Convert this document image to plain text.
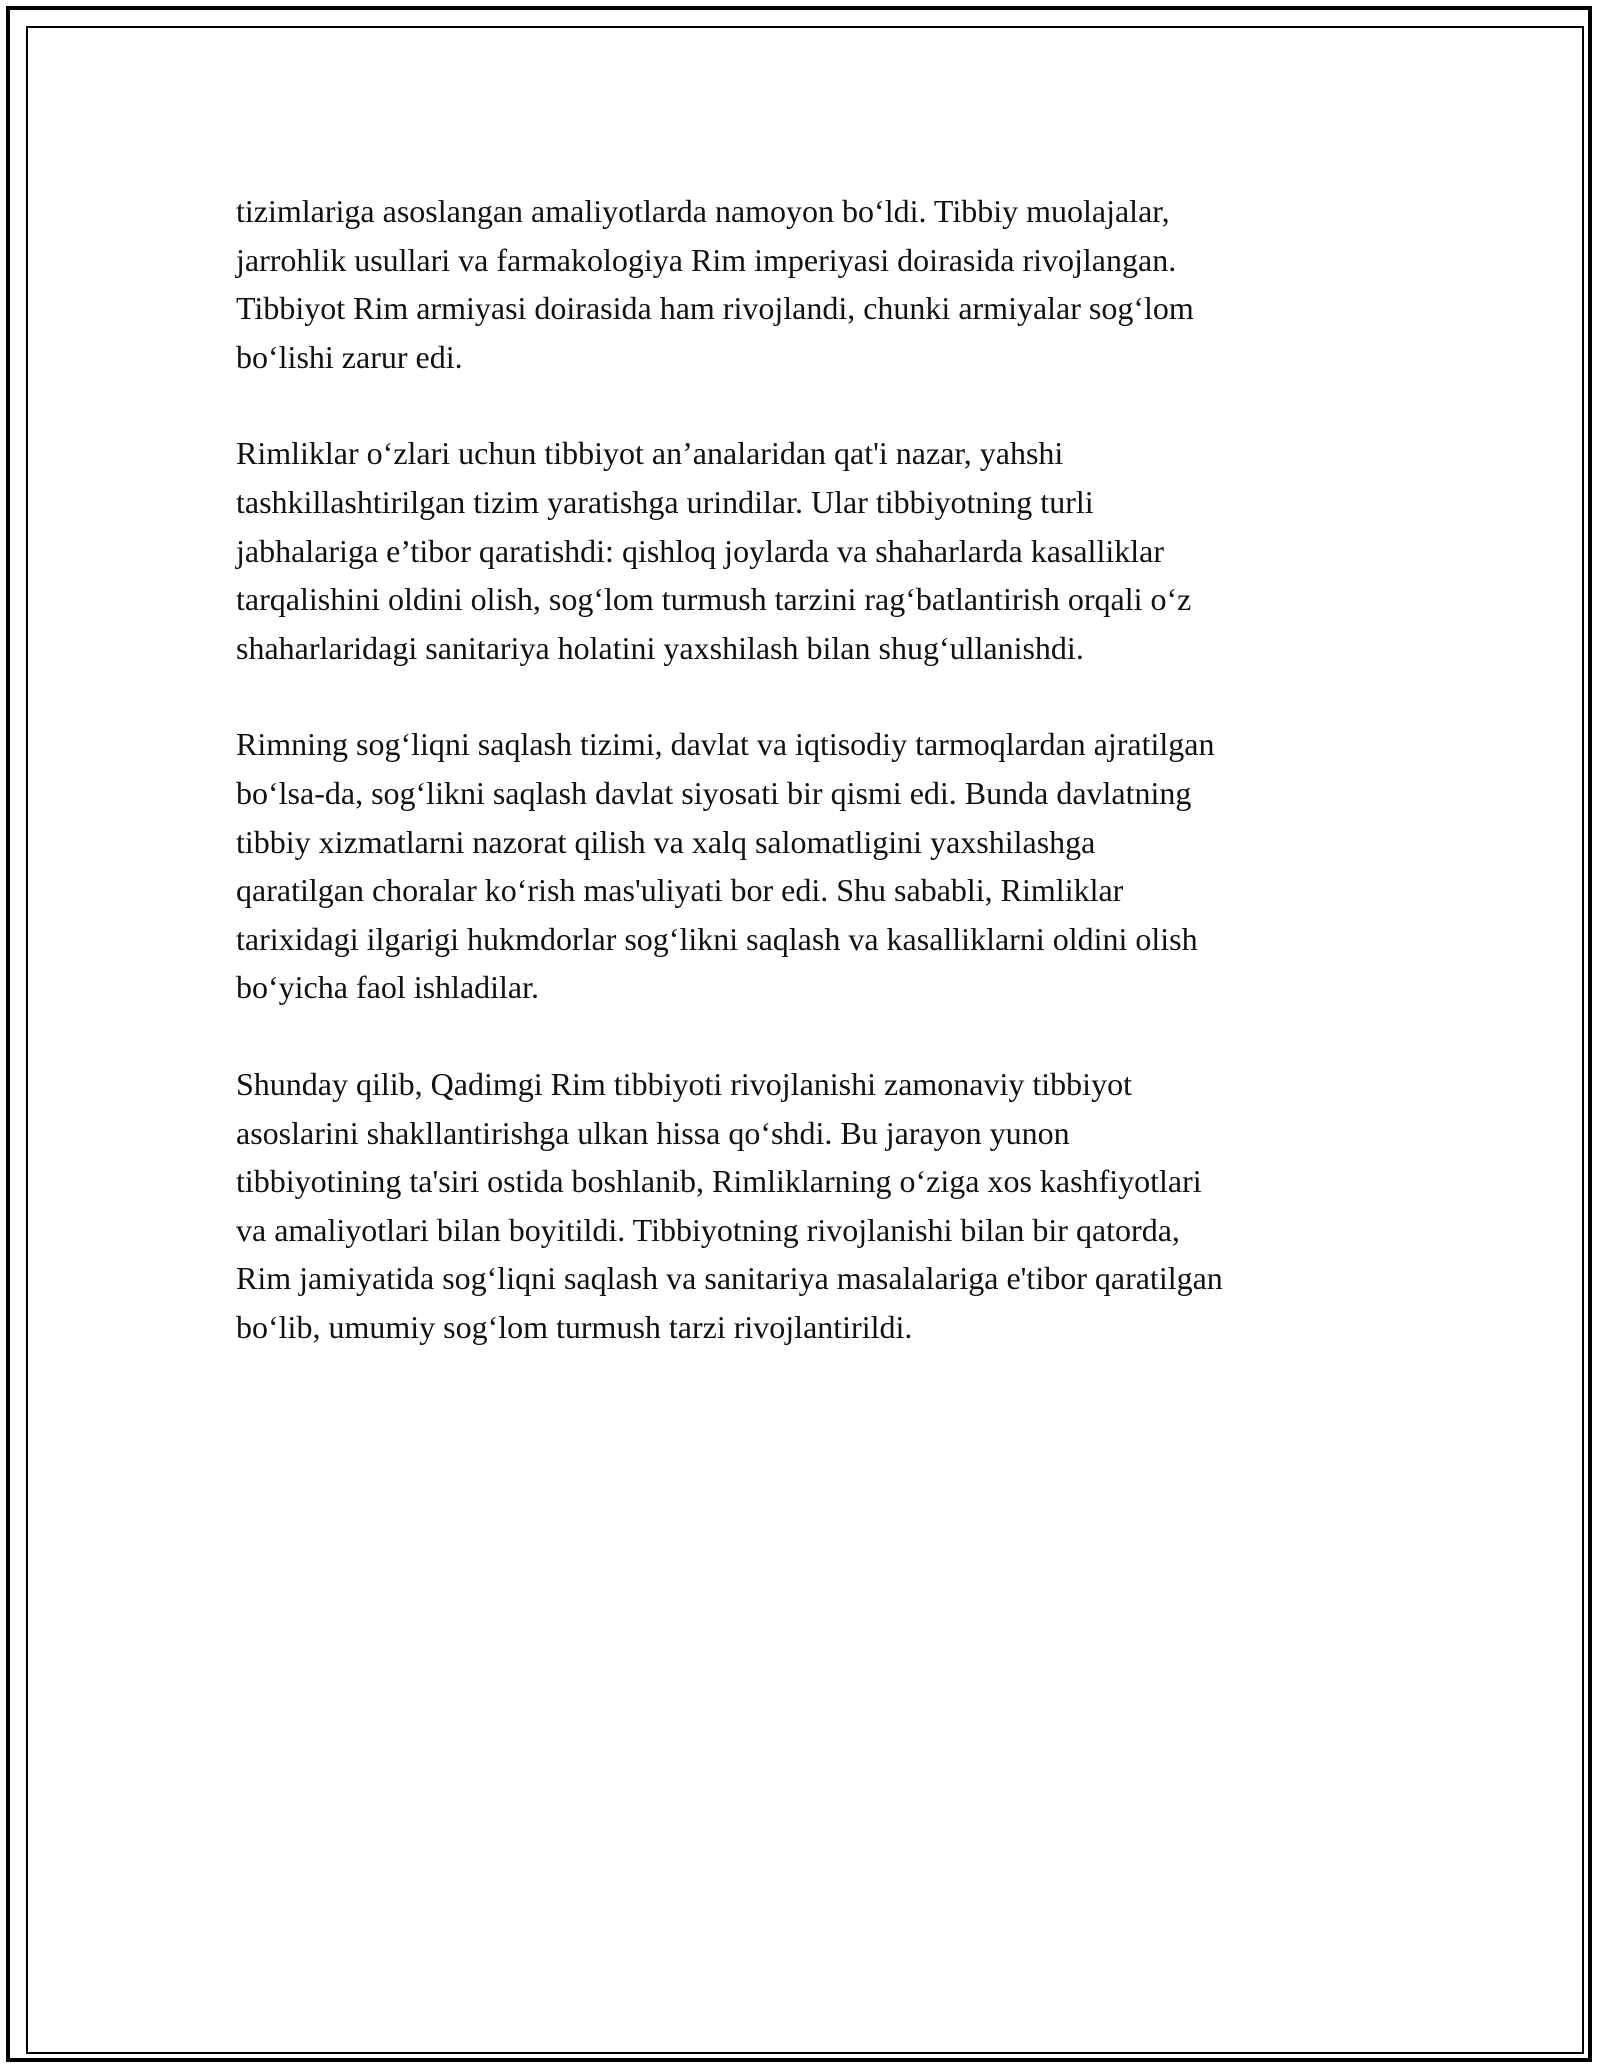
tizimlariga asoslangan amaliyotlarda namoyon bo‘ldi. Tibbiy muolajalar,
jarrohlik usullari va farmakologiya Rim imperiyasi doirasida rivojlangan.
Tibbiyot Rim armiyasi doirasida ham rivojlandi, chunki armiyalar sog‘lom
bo‘lishi zarur edi.

Rimliklar o‘zlari uchun tibbiyot an’analaridan qat'i nazar, yahshi
tashkillashtirilgan tizim yaratishga urindilar. Ular tibbiyotning turli
jabhalariga e’tibor qaratishdi: qishloq joylarda va shaharlarda kasalliklar
tarqalishini oldini olish, sog‘lom turmush tarzini rag‘batlantirish orqali o‘z
shaharlaridagi sanitariya holatini yaxshilash bilan shug‘ullanishdi.

Rimning sog‘liqni saqlash tizimi, davlat va iqtisodiy tarmoqlardan ajratilgan
bo‘lsa-da, sog‘likni saqlash davlat siyosati bir qismi edi. Bunda davlatning
tibbiy xizmatlarni nazorat qilish va xalq salomatligini yaxshilashga
qaratilgan choralar ko‘rish mas'uliyati bor edi. Shu sababli, Rimliklar
tarixidagi ilgarigi hukmdorlar sog‘likni saqlash va kasalliklarni oldini olish
bo‘yicha faol ishladilar.

Shunday qilib, Qadimgi Rim tibbiyoti rivojlanishi zamonaviy tibbiyot
asoslarini shakllantirishga ulkan hissa qo‘shdi. Bu jarayon yunon
tibbiyotining ta'siri ostida boshlanib, Rimliklarning o‘ziga xos kashfiyotlari
va amaliyotlari bilan boyitildi. Tibbiyotning rivojlanishi bilan bir qatorda,
Rim jamiyatida sog‘liqni saqlash va sanitariya masalalariga e'tibor qaratilgan
bo‘lib, umumiy sog‘lom turmush tarzi rivojlantirildi.
